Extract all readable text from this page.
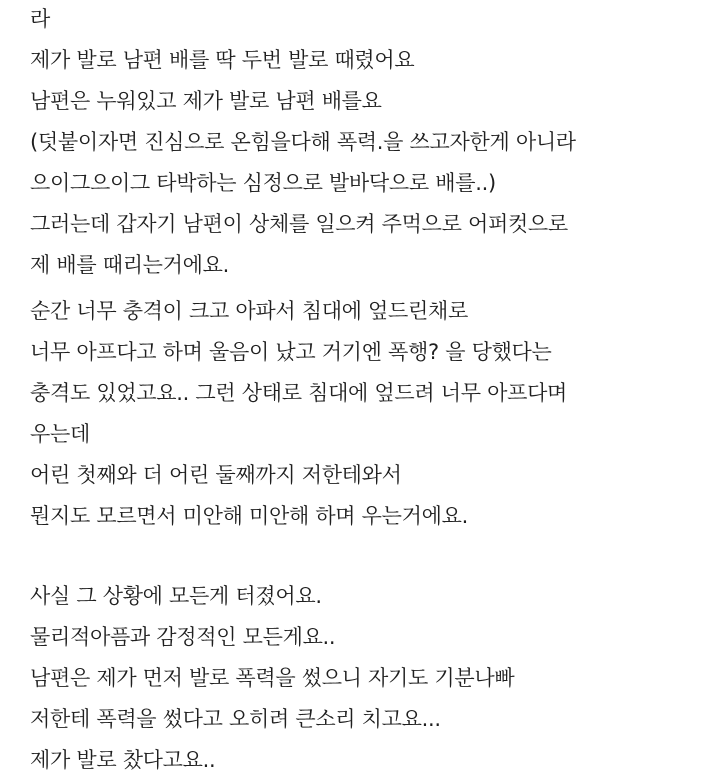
라
제가 발로 남편 배를 딱 두번 발로 때렸어요
남편은 누워있고 제가 발로 남편 배를요
(덧붙이자면 진심으로 온힘을다해 폭력.을 쓰고자한게 아니라
으이그으이그 타박하는 심정으로 발바닥으로 배를..)
그러는데 갑자기 남편이 상체를 일으켜 주먹으로 어퍼컷으로
제 배를 때리는거에요.
순간 너무 충격이 크고 아파서 침대에 엎드린채로
너무 아프다고 하며 울음이 났고 거기엔 폭행? 을 당했다는
충격도 있었고요.. 그런 상태로 침대에 엎드려 너무 아프다며
우는데
어린 첫째와 더 어린 둘째까지 저한테와서
뭔지도 모르면서 미안해 미안해 하며 우는거에요.
사실 그 상황에 모든게 터졌어요.
물리적아픔과 감정적인 모든게요..
남편은 제가 먼저 발로 폭력을 썼으니 자기도 기분나빠
저한테 폭력을 썼다고 오히려 큰소리 치고요...
제가 발로 찼다고요..
